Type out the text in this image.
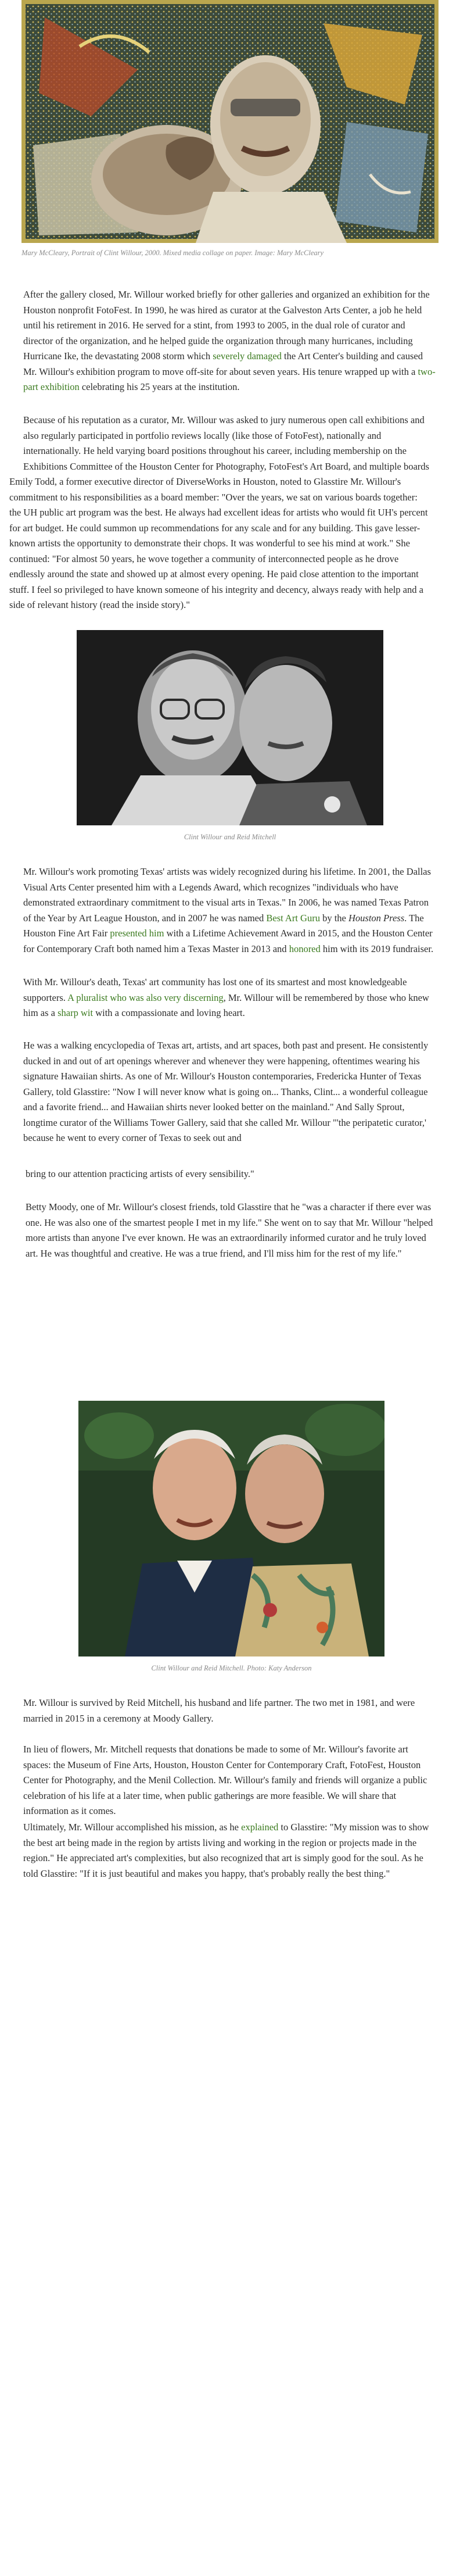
Mary McCleary, Portrait of Clint Willour, 2000. Mixed media collage on paper. Image: Mary McCleary

After the gallery closed, Mr. Willour worked briefly for other galleries and organized an exhibition for the Houston nonprofit FotoFest. In 1990, he was hired as curator at the Galveston Arts Center, a job he held until his retirement in 2016. He served for a stint, from 1993 to 2005, in the dual role of curator and director of the organization, and he helped guide the organization through many hurricanes, including Hurricane Ike, the devastating 2008 storm which severely damaged the Art Center's building and caused Mr. Willour's exhibition program to move off-site for about seven years. His tenure wrapped up with a two-part exhibition celebrating his 25 years at the institution.

Because of his reputation as a curator, Mr. Willour was asked to jury numerous open call exhibitions and also regularly participated in portfolio reviews locally (like those of FotoFest), nationally and internationally. He held varying board positions throughout his career, including membership on the Exhibitions Committee of the Houston Center for Photography, FotoFest's Art Board, and multiple boards

Emily Todd, a former executive director of DiverseWorks in Houston, noted to Glasstire Mr. Willour's commitment to his responsibilities as a board member: "Over the years, we sat on various boards together: the UH public art program was the best. He always had excellent ideas for artists who would fit UH's percent for art budget. He could summon up recommendations for any scale and for any building. This gave lesser-known artists the opportunity to demonstrate their chops. It was wonderful to see his mind at work." She continued: "For almost 50 years, he wove together a community of interconnected people as he drove endlessly around the state and showed up at almost every opening. He paid close attention to the important stuff. I feel so privileged to have known someone of his integrity and decency, always ready with help and a side of relevant history (read the inside story)."

Clint Willour and Reid Mitchell

Mr. Willour's work promoting Texas' artists was widely recognized during his lifetime. In 2001, the Dallas Visual Arts Center presented him with a Legends Award, which recognizes "individuals who have demonstrated extraordinary commitment to the visual arts in Texas." In 2006, he was named Texas Patron of the Year by Art League Houston, and in 2007 he was named Best Art Guru by the Houston Press. The Houston Fine Art Fair presented him with a Lifetime Achievement Award in 2015, and the Houston Center for Contemporary Craft both named him a Texas Master in 2013 and honored him with its 2019 fundraiser.

With Mr. Willour's death, Texas' art community has lost one of its smartest and most knowledgeable supporters. A pluralist who was also very discerning, Mr. Willour will be remembered by those who knew him as a sharp wit with a compassionate and loving heart.

He was a walking encyclopedia of Texas art, artists, and art spaces, both past and present. He consistently ducked in and out of art openings wherever and whenever they were happening, oftentimes wearing his signature Hawaiian shirts. As one of Mr. Willour's Houston contemporaries, Fredericka Hunter of Texas Gallery, told Glasstire: "Now I will never know what is going on... Thanks, Clint... a wonderful colleague and a favorite friend... and Hawaiian shirts never looked better on the mainland." And Sally Sprout, longtime curator of the Williams Tower Gallery, said that she called Mr. Willour "'the peripatetic curator,' because he went to every corner of Texas to seek out and

bring to our attention practicing artists of every sensibility."

Betty Moody, one of Mr. Willour's closest friends, told Glasstire that he "was a character if there ever was one. He was also one of the smartest people I met in my life." She went on to say that Mr. Willour "helped more artists than anyone I've ever known. He was an extraordinarily informed curator and he truly loved art. He was thoughtful and creative. He was a true friend, and I'll miss him for the rest of my life."

Clint Willour and Reid Mitchell. Photo: Katy Anderson

Mr. Willour is survived by Reid Mitchell, his husband and life partner. The two met in 1981, and were married in 2015 in a ceremony at Moody Gallery.

In lieu of flowers, Mr. Mitchell requests that donations be made to some of Mr. Willour's favorite art spaces: the Museum of Fine Arts, Houston, Houston Center for Contemporary Craft, FotoFest, Houston Center for Photography, and the Menil Collection. Mr. Willour's family and friends will organize a public celebration of his life at a later time, when public gatherings are more feasible. We will share that information as it comes.

Ultimately, Mr. Willour accomplished his mission, as he explained to Glasstire: "My mission was to show the best art being made in the region by artists living and working in the region or projects made in the region." He appreciated art's complexities, but also recognized that art is simply good for the soul. As he told Glasstire: "If it is just beautiful and makes you happy, that's probably really the best thing."
